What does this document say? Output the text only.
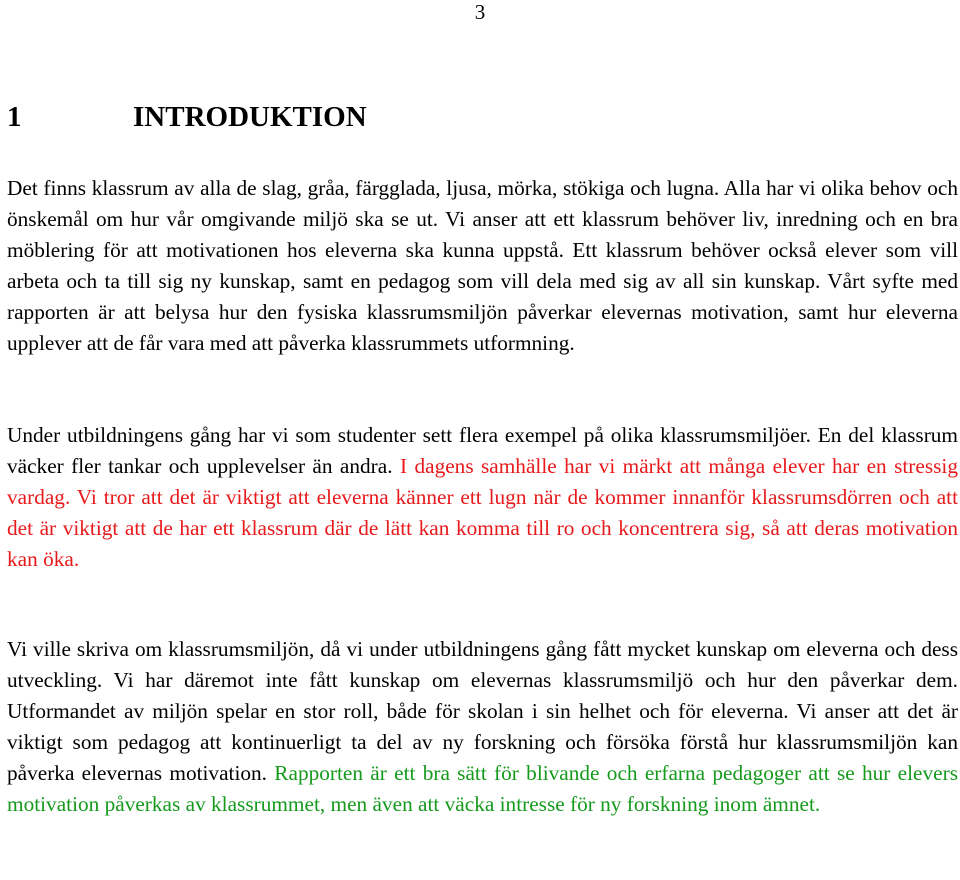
3
1	INTRODUKTION

Det finns klassrum av alla de slag, gråa, färgglada, ljusa, mörka, stökiga och lugna. Alla har vi olika behov och önskemål om hur vår omgivande miljö ska se ut. Vi anser att ett klassrum behöver liv, inredning och en bra möblering för att motivationen hos eleverna ska kunna uppstå. Ett klassrum behöver också elever som vill arbeta och ta till sig ny kunskap, samt en pedagog som vill dela med sig av all sin kunskap. Vårt syfte med rapporten är att belysa hur den fysiska klassrumsmiljön påverkar elevernas motivation, samt hur eleverna upplever att de får vara med att påverka klassrummets utformning.

Under utbildningens gång har vi som studenter sett flera exempel på olika klassrumsmiljöer. En del klassrum väcker fler tankar och upplevelser än andra. I dagens samhälle har vi märkt att många elever har en stressig vardag. Vi tror att det är viktigt att eleverna känner ett lugn när de kommer innanför klassrumsdörren och att det är viktigt att de har ett klassrum där de lätt kan komma till ro och koncentrera sig, så att deras motivation kan öka.

Vi ville skriva om klassrumsmiljön, då vi under utbildningens gång fått mycket kunskap om eleverna och dess utveckling. Vi har däremot inte fått kunskap om elevernas klassrumsmiljö och hur den påverkar dem. Utformandet av miljön spelar en stor roll, både för skolan i sin helhet och för eleverna. Vi anser att det är viktigt som pedagog att kontinuerligt ta del av ny forskning och försöka förstå hur klassrumsmiljön kan påverka elevernas motivation. Rapporten är ett bra sätt för blivande och erfarna pedagoger att se hur elevers motivation påverkas av klassrummet, men även att väcka intresse för ny forskning inom ämnet.
